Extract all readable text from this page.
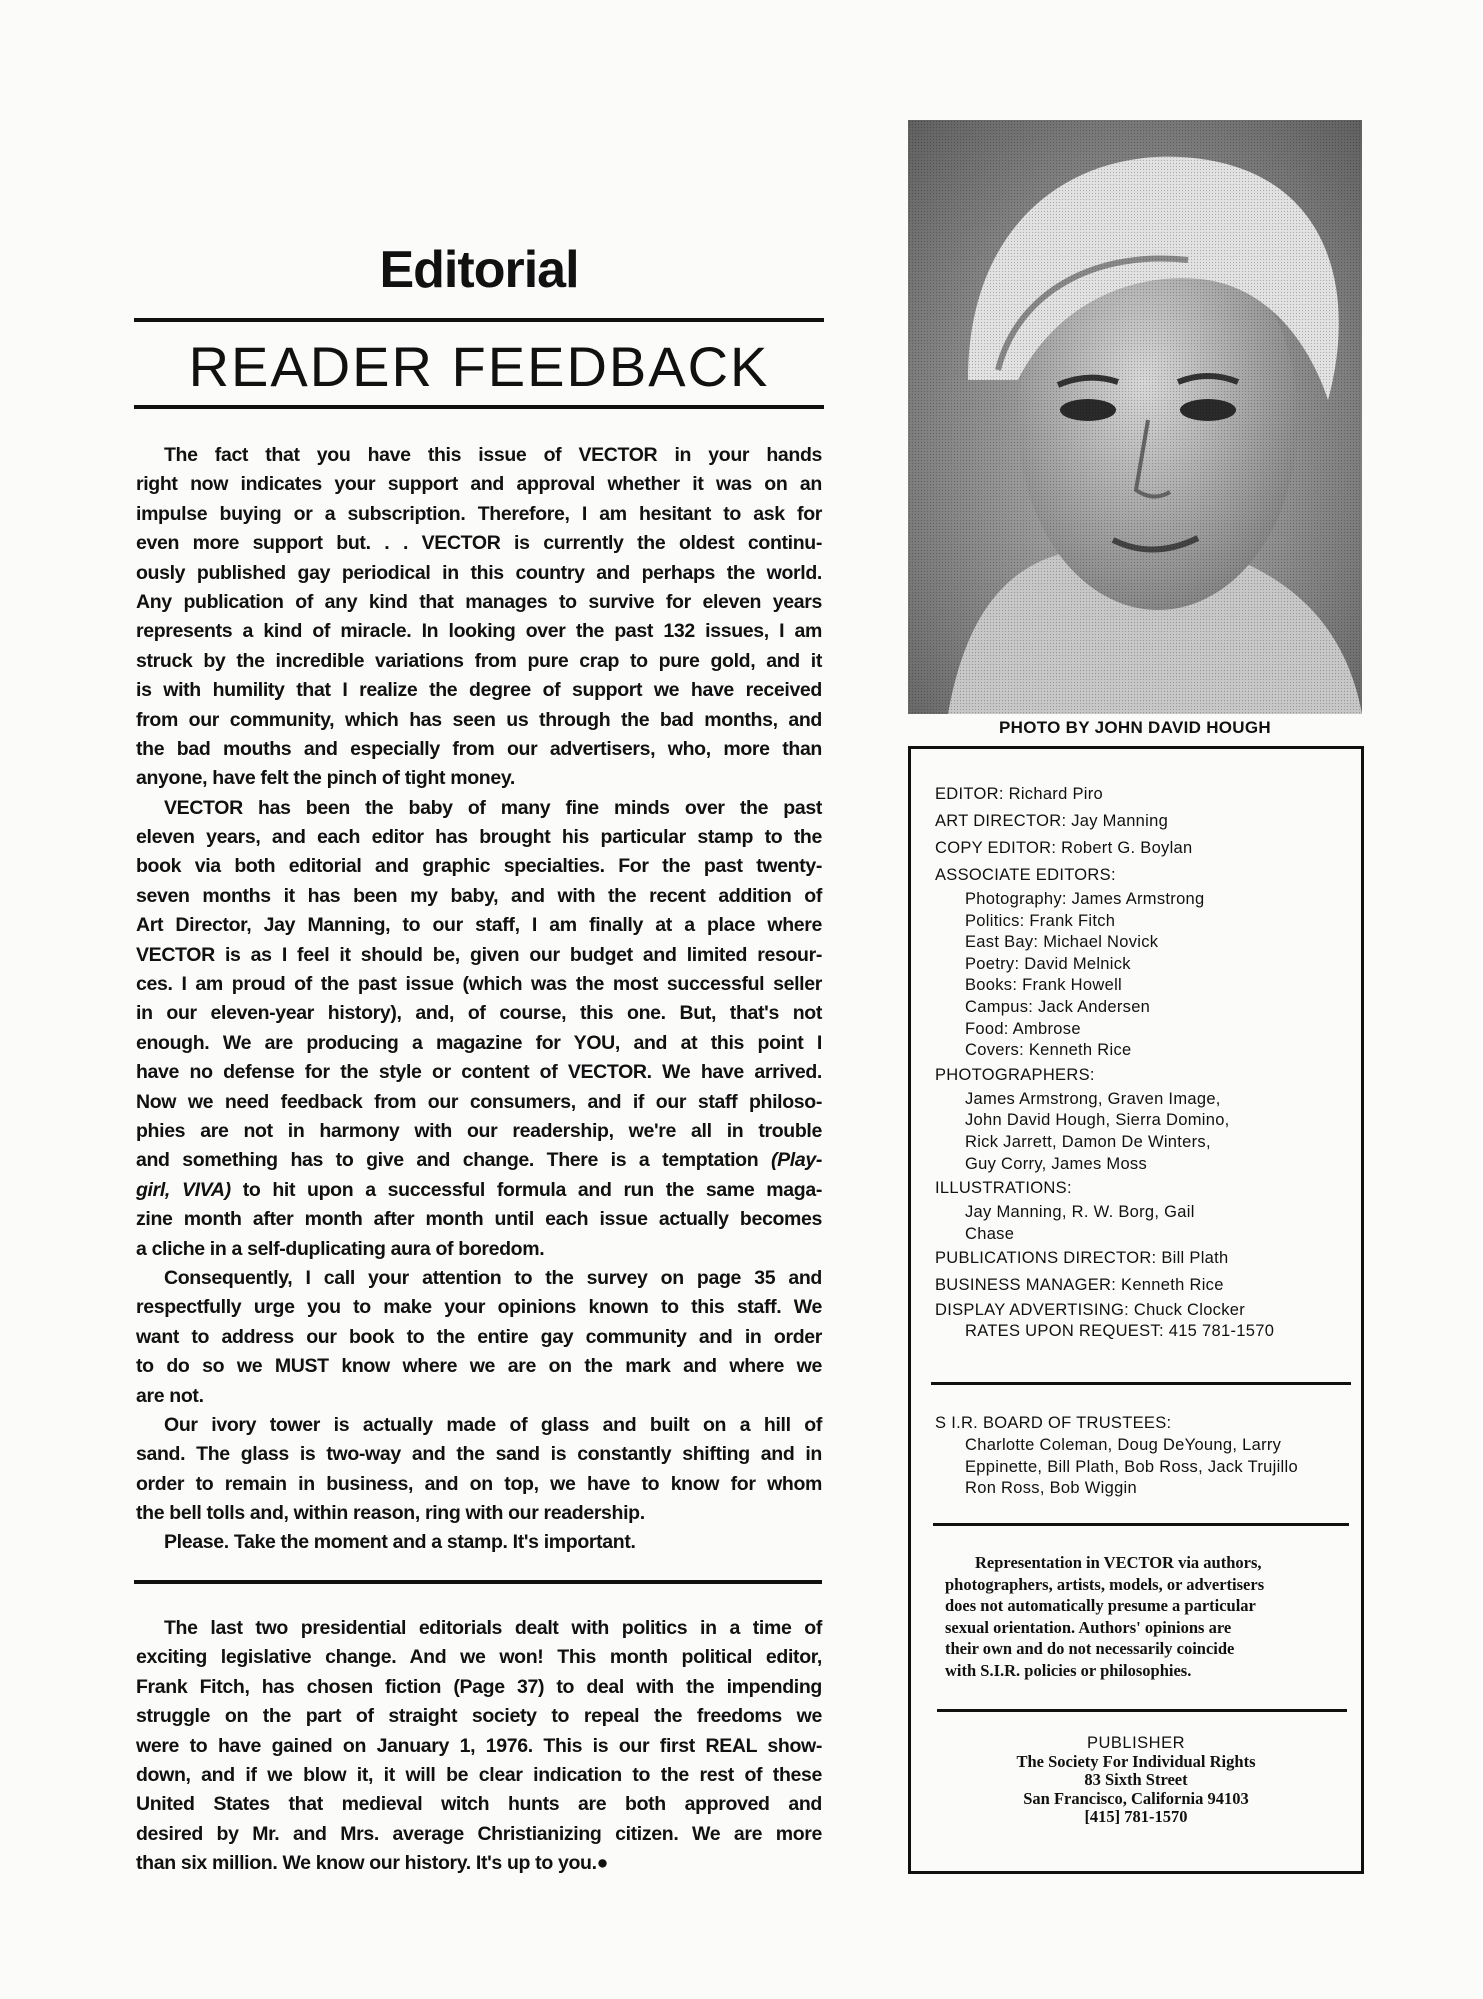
Editorial
READER FEEDBACK
The fact that you have this issue of VECTOR in your hands
right now indicates your support and approval whether it was on an
impulse buying or a subscription. Therefore, I am hesitant to ask for
even more support but. . . VECTOR is currently the oldest continu-
ously published gay periodical in this country and perhaps the world.
Any publication of any kind that manages to survive for eleven years
represents a kind of miracle. In looking over the past 132 issues, I am
struck by the incredible variations from pure crap to pure gold, and it
is with humility that I realize the degree of support we have received
from our community, which has seen us through the bad months, and
the bad mouths and especially from our advertisers, who, more than
anyone, have felt the pinch of tight money.
VECTOR has been the baby of many fine minds over the past
eleven years, and each editor has brought his particular stamp to the
book via both editorial and graphic specialties. For the past twenty-
seven months it has been my baby, and with the recent addition of
Art Director, Jay Manning, to our staff, I am finally at a place where
VECTOR is as I feel it should be, given our budget and limited resour-
ces. I am proud of the past issue (which was the most successful seller
in our eleven-year history), and, of course, this one. But, that's not
enough. We are producing a magazine for YOU, and at this point I
have no defense for the style or content of VECTOR. We have arrived.
Now we need feedback from our consumers, and if our staff philoso-
phies are not in harmony with our readership, we're all in trouble
and something has to give and change. There is a temptation (Play-
girl, VIVA) to hit upon a successful formula and run the same maga-
zine month after month after month until each issue actually becomes
a cliche in a self-duplicating aura of boredom.
Consequently, I call your attention to the survey on page 35 and
respectfully urge you to make your opinions known to this staff. We
want to address our book to the entire gay community and in order
to do so we MUST know where we are on the mark and where we
are not.
Our ivory tower is actually made of glass and built on a hill of
sand. The glass is two-way and the sand is constantly shifting and in
order to remain in business, and on top, we have to know for whom
the bell tolls and, within reason, ring with our readership.
Please. Take the moment and a stamp. It's important.
The last two presidential editorials dealt with politics in a time of
exciting legislative change. And we won! This month political editor,
Frank Fitch, has chosen fiction (Page 37) to deal with the impending
struggle on the part of straight society to repeal the freedoms we
were to have gained on January 1, 1976. This is our first REAL show-
down, and if we blow it, it will be clear indication to the rest of these
United States that medieval witch hunts are both approved and
desired by Mr. and Mrs. average Christianizing citizen. We are more
than six million. We know our history. It's up to you.●
PHOTO BY JOHN DAVID HOUGH
EDITOR: Richard Piro
ART DIRECTOR: Jay Manning
COPY EDITOR: Robert G. Boylan
ASSOCIATE EDITORS:
Photography: James Armstrong
Politics: Frank Fitch
East Bay: Michael Novick
Poetry: David Melnick
Books: Frank Howell
Campus: Jack Andersen
Food: Ambrose
Covers: Kenneth Rice
PHOTOGRAPHERS:
James Armstrong, Graven Image,
John David Hough, Sierra Domino,
Rick Jarrett, Damon De Winters,
Guy Corry, James Moss
ILLUSTRATIONS:
Jay Manning, R. W. Borg, Gail
Chase
PUBLICATIONS DIRECTOR: Bill Plath
BUSINESS MANAGER: Kenneth Rice
DISPLAY ADVERTISING: Chuck Clocker
RATES UPON REQUEST: 415 781-1570
S I.R. BOARD OF TRUSTEES:
Charlotte Coleman, Doug DeYoung, Larry
Eppinette, Bill Plath, Bob Ross, Jack Trujillo
Ron Ross, Bob Wiggin
Representation in VECTOR via authors,
photographers, artists, models, or advertisers
does not automatically presume a particular
sexual orientation. Authors' opinions are
their own and do not necessarily coincide
with S.I.R. policies or philosophies.
PUBLISHER
The Society For Individual Rights
83 Sixth Street
San Francisco, California 94103
[415] 781-1570
